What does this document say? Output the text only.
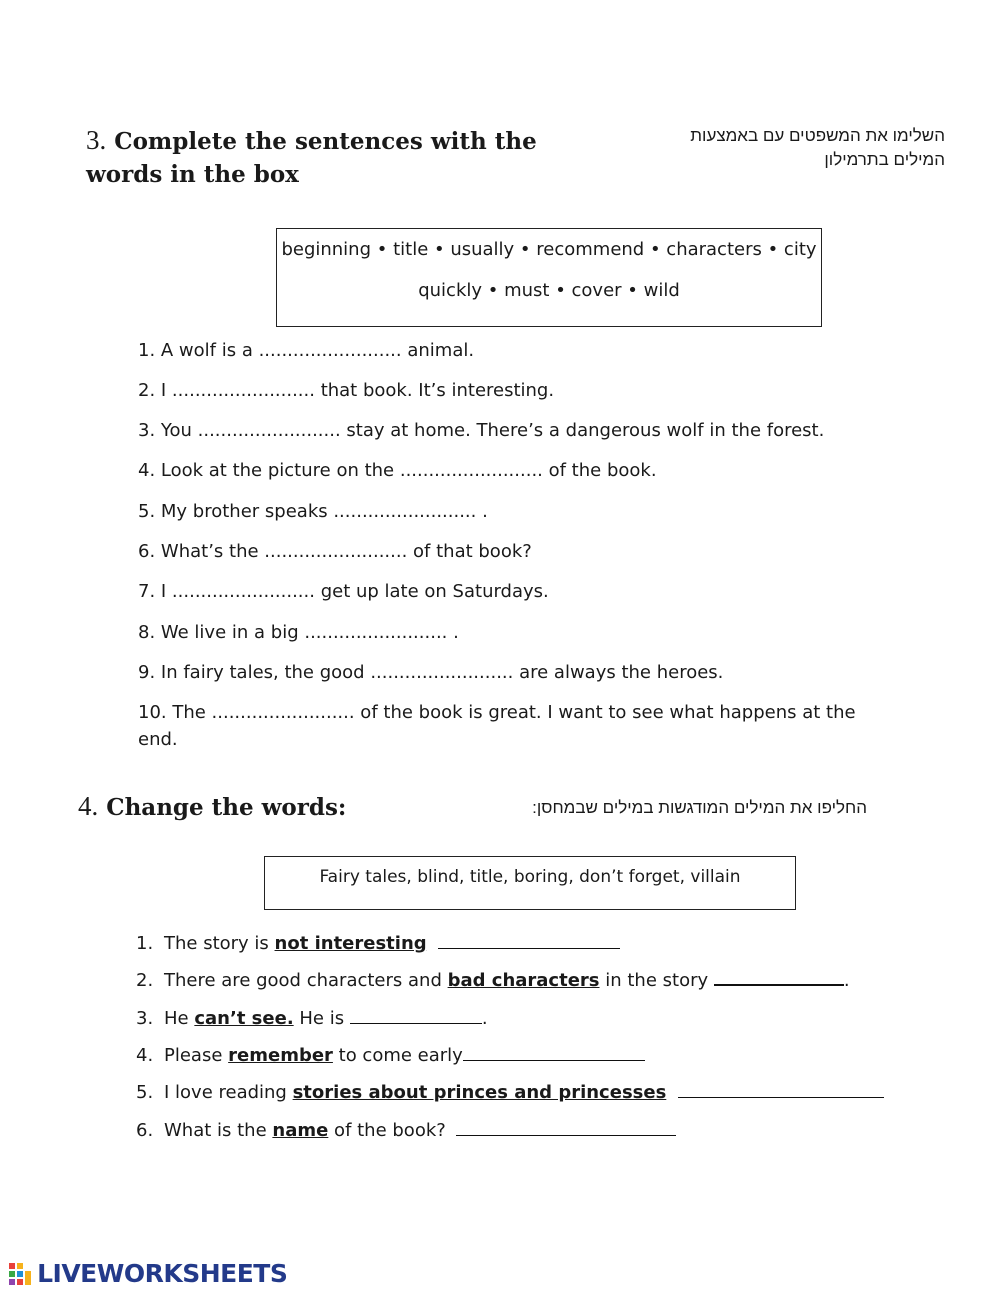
3. Complete the sentences with the
words in the box
השלימו את המשפטים עם באמצעות
המילים בתרמילון
beginning • title • usually • recommend • characters • city
quickly • must • cover • wild
1. A wolf is a ......................... animal.
2. I ......................... that book. It’s interesting.
3. You ......................... stay at home. There’s a dangerous wolf in the forest.
4. Look at the picture on the ......................... of the book.
5. My brother speaks ......................... .
6. What’s the ......................... of that book?
7. I ......................... get up late on Saturdays.
8. We live in a big ......................... .
9. In fairy tales, the good ......................... are always the heroes.
10. The ......................... of the book is great. I want to see what happens at the
end.
4. Change the words:	החליפו את המילים המודגשות במילים שבמחסן:
Fairy tales, blind, title, boring, don’t forget, villain
1. The story is not interesting
2. There are good characters and bad characters in the story	.
3. He can’t see. He is	.
4. Please remember to come early
5. I love reading stories about princes and princesses
6. What is the name of the book?
LIVEWORKSHEETS
